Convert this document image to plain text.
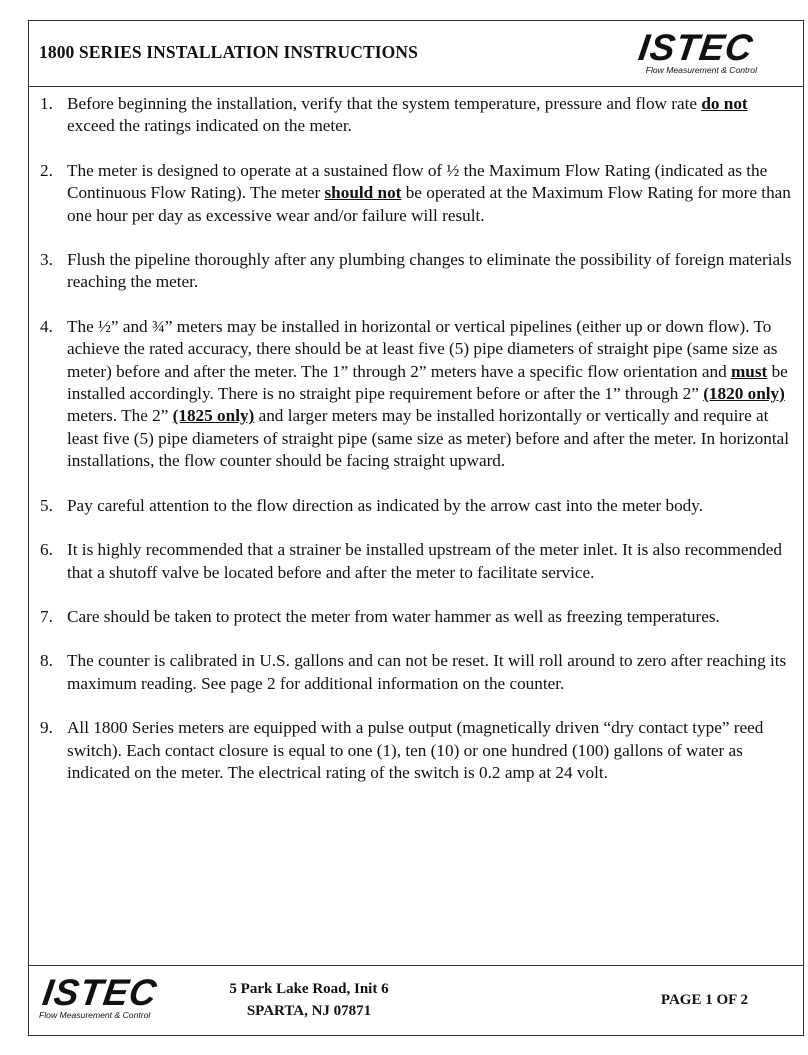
1800 SERIES INSTALLATION INSTRUCTIONS	ISTEC
Flow Measurement & Control
1. Before beginning the installation, verify that the system temperature, pressure and flow rate do not exceed the ratings indicated on the meter.
2. The meter is designed to operate at a sustained flow of ½ the Maximum Flow Rating (indicated as the Continuous Flow Rating). The meter should not be operated at the Maximum Flow Rating for more than one hour per day as excessive wear and/or failure will result.
3. Flush the pipeline thoroughly after any plumbing changes to eliminate the possibility of foreign materials reaching the meter.
4. The ½” and ¾” meters may be installed in horizontal or vertical pipelines (either up or down flow). To achieve the rated accuracy, there should be at least five (5) pipe diameters of straight pipe (same size as meter) before and after the meter. The 1” through 2” meters have a specific flow orientation and must be installed accordingly. There is no straight pipe requirement before or after the 1” through 2” (1820 only) meters. The 2” (1825 only) and larger meters may be installed horizontally or vertically and require at least five (5) pipe diameters of straight pipe (same size as meter) before and after the meter. In horizontal installations, the flow counter should be facing straight upward.
5. Pay careful attention to the flow direction as indicated by the arrow cast into the meter body.
6. It is highly recommended that a strainer be installed upstream of the meter inlet. It is also recommended that a shutoff valve be located before and after the meter to facilitate service.
7. Care should be taken to protect the meter from water hammer as well as freezing temperatures.
8. The counter is calibrated in U.S. gallons and can not be reset. It will roll around to zero after reaching its maximum reading. See page 2 for additional information on the counter.
9. All 1800 Series meters are equipped with a pulse output (magnetically driven “dry contact type” reed switch). Each contact closure is equal to one (1), ten (10) or one hundred (100) gallons of water as indicated on the meter. The electrical rating of the switch is 0.2 amp at 24 volt.
ISTEC
Flow Measurement & Control
5 Park Lake Road, Init 6
SPARTA, NJ 07871
PAGE 1 OF 2
